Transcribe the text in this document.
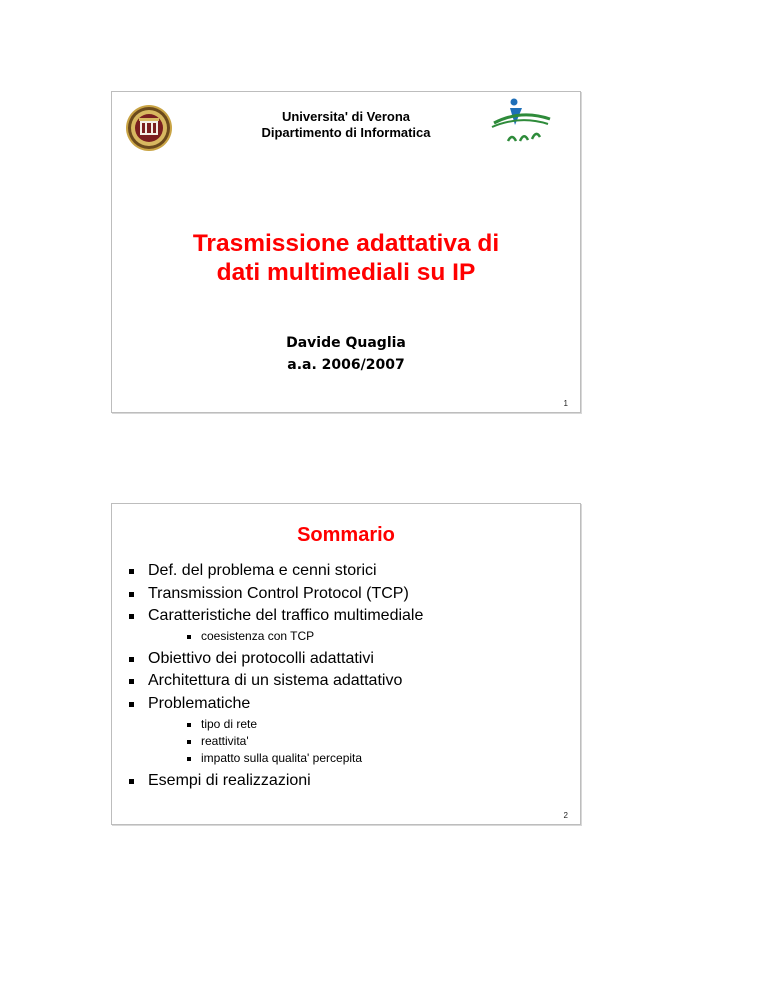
Universita' di Verona
Dipartimento di Informatica
Trasmissione adattativa di
dati multimediali su IP
Davide Quaglia
a.a. 2006/2007
1
Sommario
Def. del problema e cenni storici
Transmission Control Protocol (TCP)
Caratteristiche del traffico multimediale
coesistenza con TCP
Obiettivo dei protocolli adattativi
Architettura di un sistema adattativo
Problematiche
tipo di rete
reattivita'
impatto sulla qualita' percepita
Esempi di realizzazioni
2
